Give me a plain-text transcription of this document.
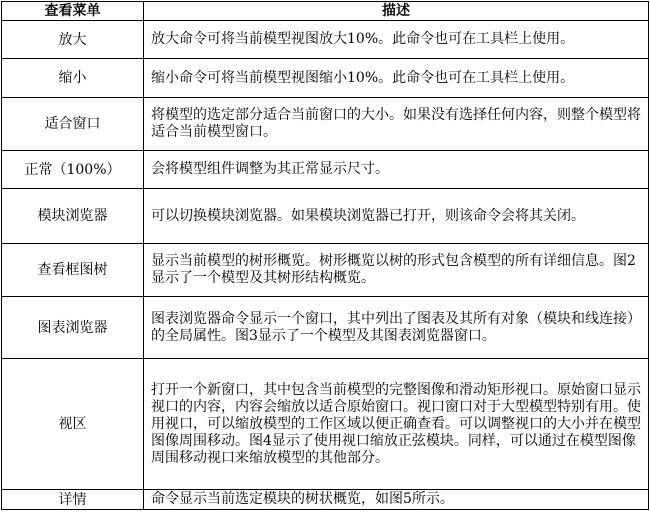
查看菜单	描述
放大	放大命令可将当前模型视图放大10%。此命令也可在工具栏上使用。
缩小	缩小命令可将当前模型视图缩小10%。此命令也可在工具栏上使用。
适合窗口	将模型的选定部分适合当前窗口的大小。如果没有选择任何内容，则整个模型将适合当前模型窗口。
正常（100%）	会将模型组件调整为其正常显示尺寸。
模块浏览器	可以切换模块浏览器。如果模块浏览器已打开，则该命令会将其关闭。
查看框图树	显示当前模型的树形概览。树形概览以树的形式包含模型的所有详细信息。图2显示了一个模型及其树形结构概览。
图表浏览器	图表浏览器命令显示一个窗口，其中列出了图表及其所有对象（模块和线连接）的全局属性。图3显示了一个模型及其图表浏览器窗口。
视区	打开一个新窗口，其中包含当前模型的完整图像和滑动矩形视口。原始窗口显示视口的内容，内容会缩放以适合原始窗口。视口窗口对于大型模型特别有用。使用视口，可以缩放模型的工作区域以便正确查看。可以调整视口的大小并在模型图像周围移动。图4显示了使用视口缩放正弦模块。同样，可以通过在模型图像周围移动视口来缩放模型的其他部分。
详情	命令显示当前选定模块的树状概览，如图5所示。
